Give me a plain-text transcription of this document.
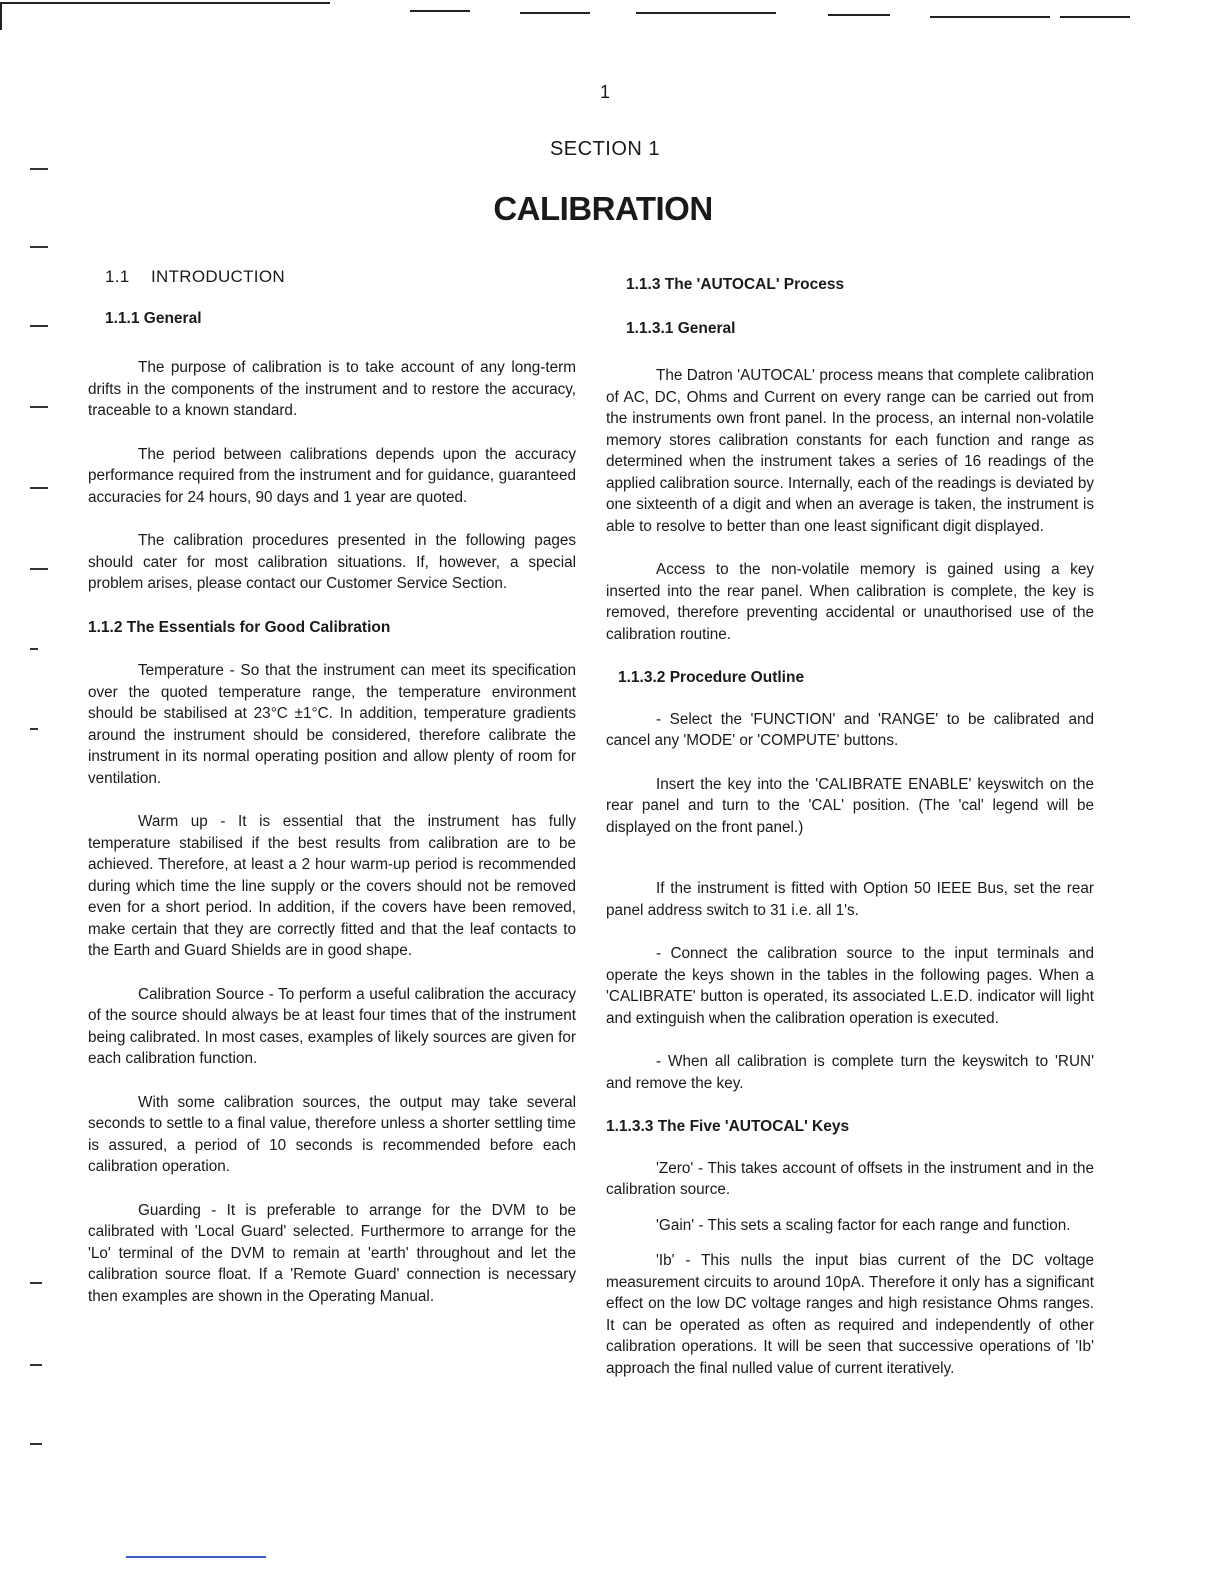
1
SECTION 1
CALIBRATION
1.1 INTRODUCTION
1.1.1 General

The purpose of calibration is to take account of any long-term drifts in the components of the instrument and to restore the accuracy, traceable to a known standard.

The period between calibrations depends upon the accuracy performance required from the instrument and for guidance, guaranteed accuracies for 24 hours, 90 days and 1 year are quoted.

The calibration procedures presented in the following pages should cater for most calibration situations. If, however, a special problem arises, please contact our Customer Service Section.

1.1.2 The Essentials for Good Calibration

Temperature - So that the instrument can meet its specification over the quoted temperature range, the temperature environment should be stabilised at 23°C ±1°C. In addition, temperature gradients around the instrument should be considered, therefore calibrate the instrument in its normal operating position and allow plenty of room for ventilation.

Warm up - It is essential that the instrument has fully temperature stabilised if the best results from calibration are to be achieved. Therefore, at least a 2 hour warm-up period is recommended during which time the line supply or the covers should not be removed even for a short period. In addition, if the covers have been removed, make certain that they are correctly fitted and that the leaf contacts to the Earth and Guard Shields are in good shape.

Calibration Source - To perform a useful calibration the accuracy of the source should always be at least four times that of the instrument being calibrated. In most cases, examples of likely sources are given for each calibration function.

With some calibration sources, the output may take several seconds to settle to a final value, therefore unless a shorter settling time is assured, a period of 10 seconds is recommended before each calibration operation.

Guarding - It is preferable to arrange for the DVM to be calibrated with 'Local Guard' selected. Furthermore to arrange for the 'Lo' terminal of the DVM to remain at 'earth' throughout and let the calibration source float. If a 'Remote Guard' connection is necessary then examples are shown in the Operating Manual.

1.1.3 The 'AUTOCAL' Process
1.1.3.1 General

The Datron 'AUTOCAL' process means that complete calibration of AC, DC, Ohms and Current on every range can be carried out from the instruments own front panel. In the process, an internal non-volatile memory stores calibration constants for each function and range as determined when the instrument takes a series of 16 readings of the applied calibration source. Internally, each of the readings is deviated by one sixteenth of a digit and when an average is taken, the instrument is able to resolve to better than one least significant digit displayed.

Access to the non-volatile memory is gained using a key inserted into the rear panel. When calibration is complete, the key is removed, therefore preventing accidental or unauthorised use of the calibration routine.

1.1.3.2 Procedure Outline

- Select the 'FUNCTION' and 'RANGE' to be calibrated and cancel any 'MODE' or 'COMPUTE' buttons.

Insert the key into the 'CALIBRATE ENABLE' keyswitch on the rear panel and turn to the 'CAL' position. (The 'cal' legend will be displayed on the front panel.)

If the instrument is fitted with Option 50 IEEE Bus, set the rear panel address switch to 31 i.e. all 1's.

- Connect the calibration source to the input terminals and operate the keys shown in the tables in the following pages. When a 'CALIBRATE' button is operated, its associated L.E.D. indicator will light and extinguish when the calibration operation is executed.

- When all calibration is complete turn the keyswitch to 'RUN' and remove the key.

1.1.3.3 The Five 'AUTOCAL' Keys

'Zero' - This takes account of offsets in the instrument and in the calibration source.

'Gain' - This sets a scaling factor for each range and function.

'Ib' - This nulls the input bias current of the DC voltage measurement circuits to around 10pA. Therefore it only has a significant effect on the low DC voltage ranges and high resistance Ohms ranges. It can be operated as often as required and independently of other calibration operations. It will be seen that successive operations of 'Ib' approach the final nulled value of current iteratively.
